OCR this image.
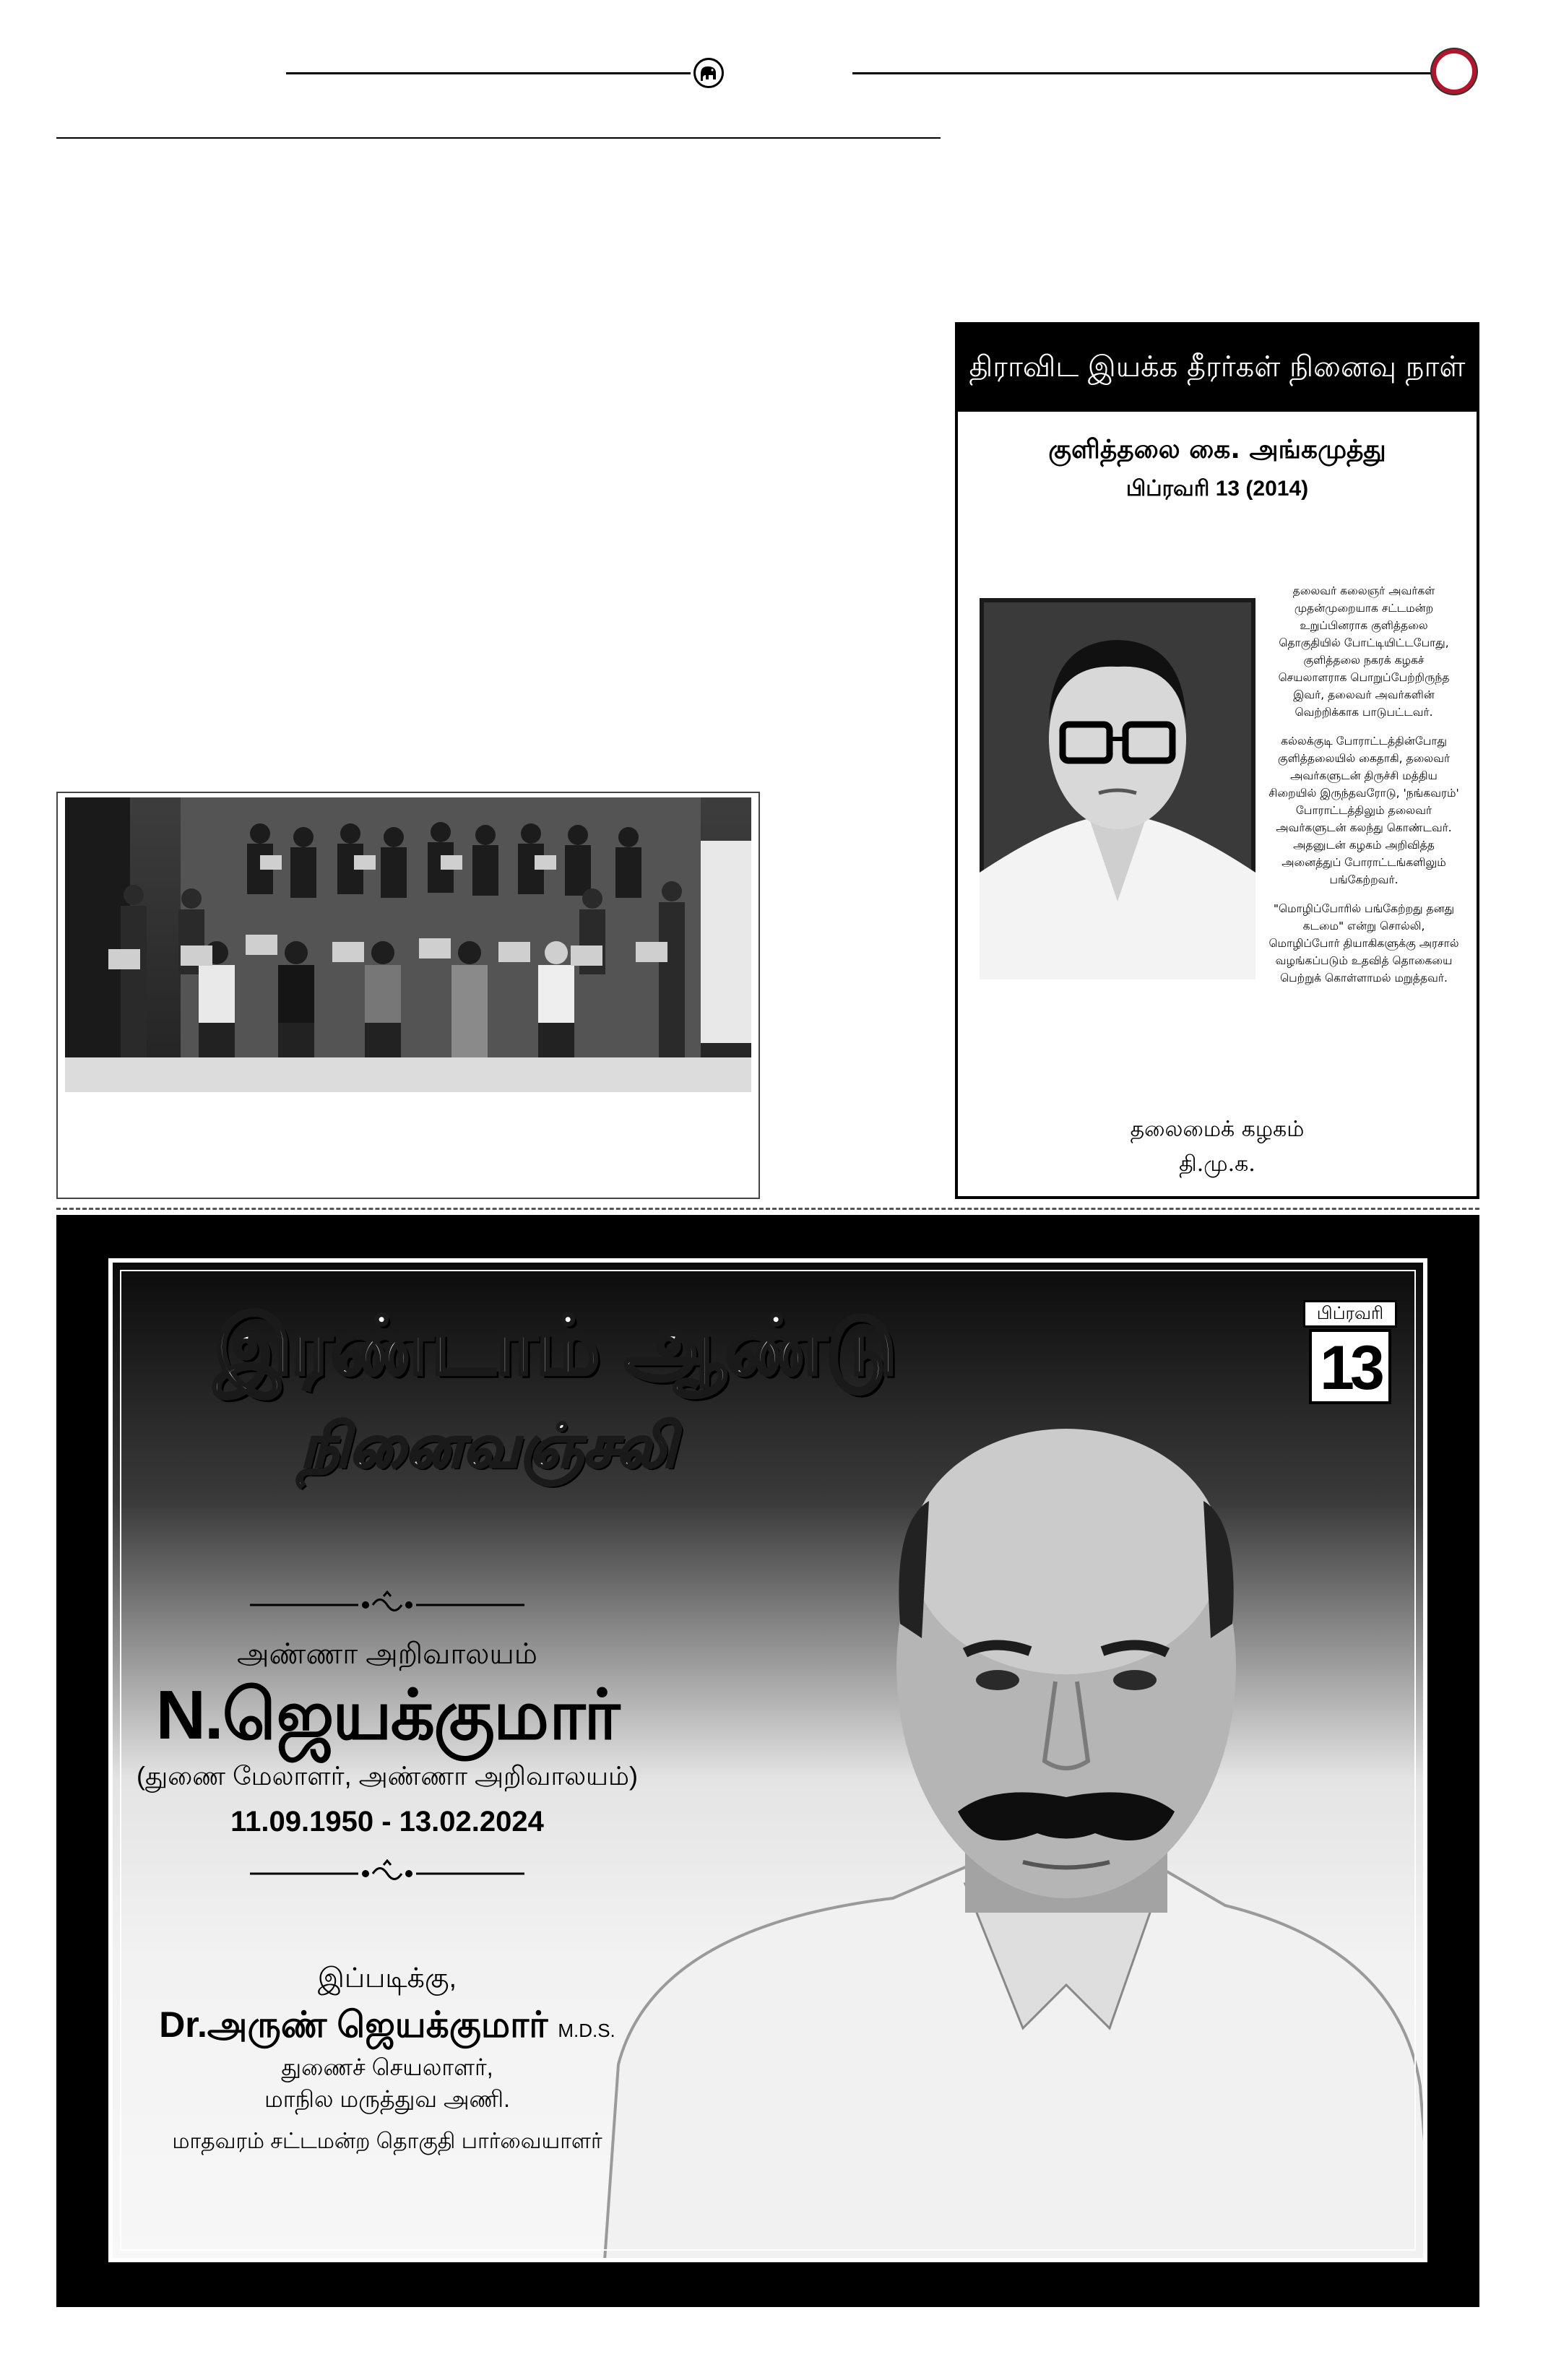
திராவிட இயக்க தீரர்கள் நினைவு நாள்
குளித்தலை கை. அங்கமுத்து
பிப்ரவரி 13 (2014)

தலைவர் கலைஞர் அவர்கள் முதன்முறையாக சட்டமன்ற உறுப்பினராக குளித்தலை தொகுதியில் போட்டியிட்டபோது, குளித்தலை நகரக் கழகச் செயலாளராக பொறுப்பேற்றிருந்த இவர், தலைவர் அவர்களின் வெற்றிக்காக பாடுபட்டவர்.

கல்லக்குடி போராட்டத்தின்போது குளித்தலையில் கைதாகி, தலைவர் அவர்களுடன் திருச்சி மத்திய சிறையில் இருந்தவரோடு, 'நங்கவரம்' போராட்டத்திலும் தலைவர் அவர்களுடன் கலந்து கொண்டவர். அதனுடன் கழகம் அறிவித்த அனைத்துப் போராட்டங்களிலும் பங்கேற்றவர்.

"மொழிப்போரில் பங்கேற்றது தனது கடமை" என்று சொல்லி, மொழிப்போர் தியாகிகளுக்கு அரசால் வழங்கப்படும் உதவித் தொகையை பெற்றுக் கொள்ளாமல் மறுத்தவர்.

தலைமைக் கழகம்
தி.மு.க.
இரண்டாம் ஆண்டு
நினைவஞ்சலி
பிப்ரவரி
13
அண்ணா அறிவாலயம்
N.ஜெயக்குமார்
(துணை மேலாளர், அண்ணா அறிவாலயம்)
11.09.1950 - 13.02.2024
இப்படிக்கு,
Dr.அருண் ஜெயக்குமார் M.D.S.
துணைச் செயலாளர்,
மாநில மருத்துவ அணி.
மாதவரம் சட்டமன்ற தொகுதி பார்வையாளர்
